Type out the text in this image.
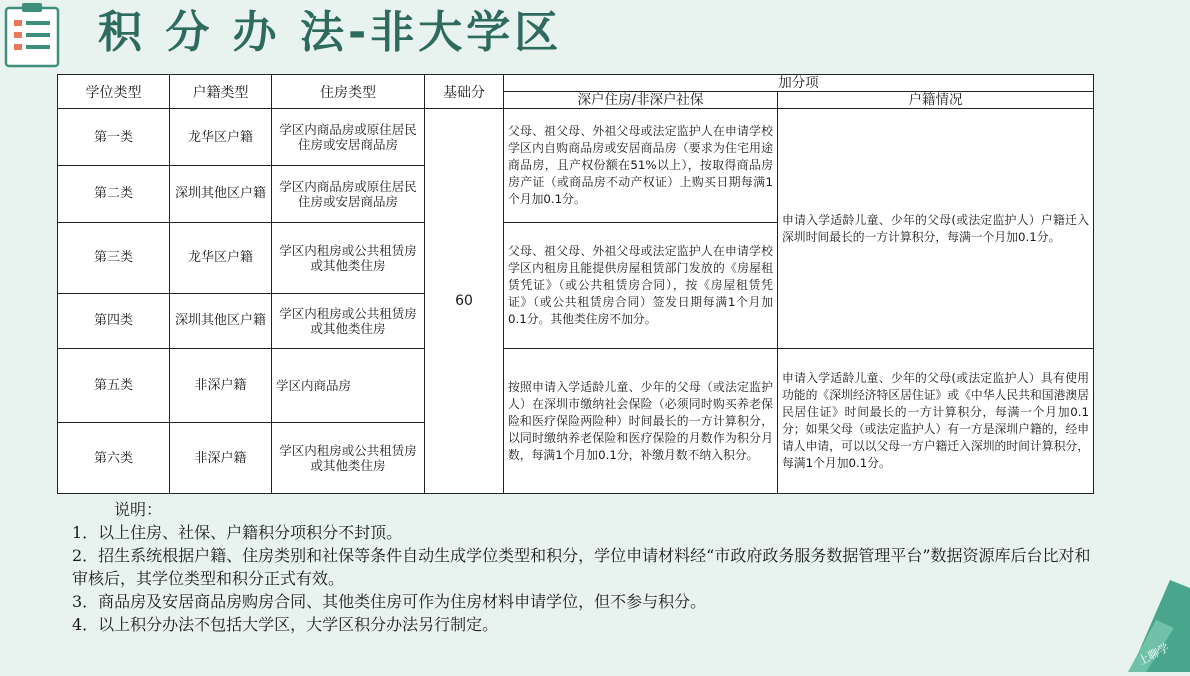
积 分 办 法-非大学区
学位类型	户籍类型	住房类型	基础分	加分项	
				深户住房/非深户社保	户籍情况
第一类	龙华区户籍	学区内商品房或原住居民住房或安居商品房	60	父母、祖父母、外祖父母或法定监护人在申请学校学区内自购商品房或安居商品房（要求为住宅用途商品房，且产权份额在51%以上），按取得商品房房产证（或商品房不动产权证）上购买日期每满1个月加0.1分。	申请入学适龄儿童、少年的父母(或法定监护人）户籍迁入深圳时间最长的一方计算积分，每满一个月加0.1分。
第二类	深圳其他区户籍	学区内商品房或原住居民住房或安居商品房			
第三类	龙华区户籍	学区内租房或公共租赁房或其他类住房		父母、祖父母、外祖父母或法定监护人在申请学校学区内租房且能提供房屋租赁部门发放的《房屋租赁凭证》（或公共租赁房合同），按《房屋租赁凭证》（或公共租赁房合同）签发日期每满1个月加0.1分。其他类住房不加分。	
第四类	深圳其他区户籍	学区内租房或公共租赁房或其他类住房			
第五类	非深户籍	学区内商品房		按照申请入学适龄儿童、少年的父母（或法定监护人）在深圳市缴纳社会保险（必须同时购买养老保险和医疗保险两险种）时间最长的一方计算积分，以同时缴纳养老保险和医疗保险的月数作为积分月数，每满1个月加0.1分，补缴月数不纳入积分。	申请入学适龄儿童、少年的父母(或法定监护人）具有使用功能的《深圳经济特区居住证》或《中华人民共和国港澳居民居住证》时间最长的一方计算积分，每满一个月加0.1分；如果父母（或法定监护人）有一方是深圳户籍的，经申请人申请，可以以父母一方户籍迁入深圳的时间计算积分，每满1个月加0.1分。
第六类	非深户籍	学区内租房或公共租赁房或其他类住房			

说明：

1．以上住房、社保、户籍积分项积分不封顶。

2．招生系统根据户籍、住房类别和社保等条件自动生成学位类型和积分，学位申请材料经“市政府政务服务数据管理平台”数据资源库后台比对和审核后，其学位类型和积分正式有效。

3．商品房及安居商品房购房合同、其他类住房可作为住房材料申请学位，但不参与积分。

4．以上积分办法不包括大学区，大学区积分办法另行制定。

上聊学
